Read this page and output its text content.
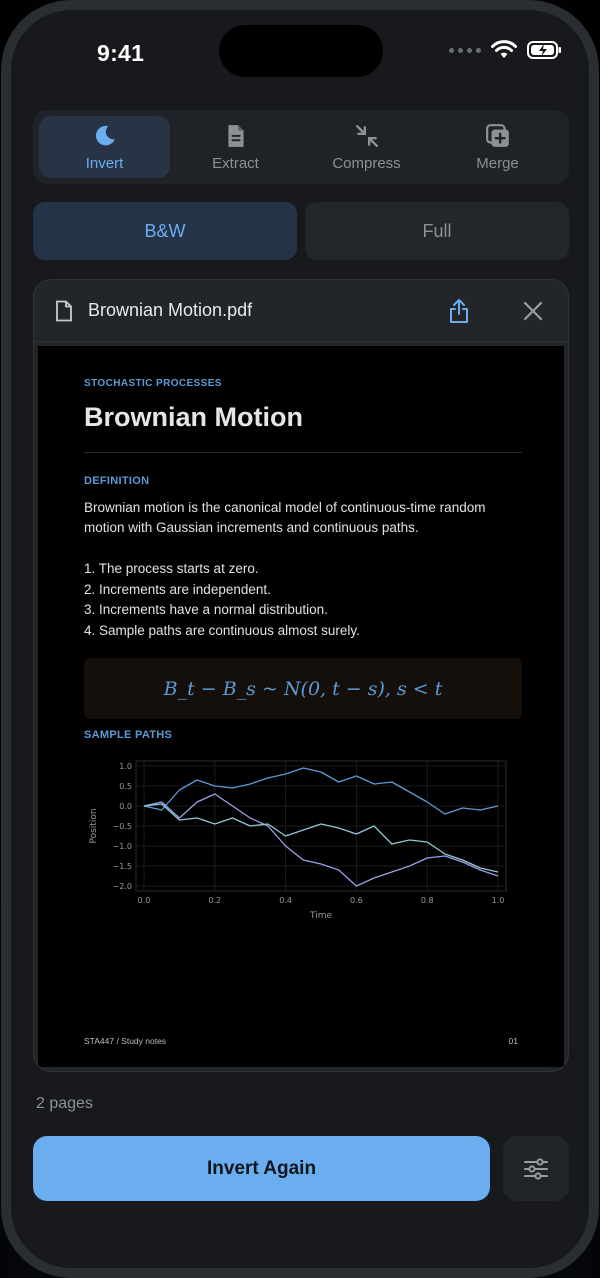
9:41
Invert	Extract	Compress	Merge
B&W	Full
Brownian Motion.pdf
STOCHASTIC PROCESSES
Brownian Motion
DEFINITION
Brownian motion is the canonical model of continuous-time random motion with Gaussian increments and continuous paths.
1. The process starts at zero.
2. Increments are independent.
3. Increments have a normal distribution.
4. Sample paths are continuous almost surely.
B_t − B_s ~ N(0, t − s), s < t
SAMPLE PATHS
0.0	0.2	0.4	0.6	0.8	1.0
1.0
0.5
0.0
−0.5
−1.0
−1.5
−2.0
Time
Position
STA447 / Study notes	01
2 pages
Invert Again
